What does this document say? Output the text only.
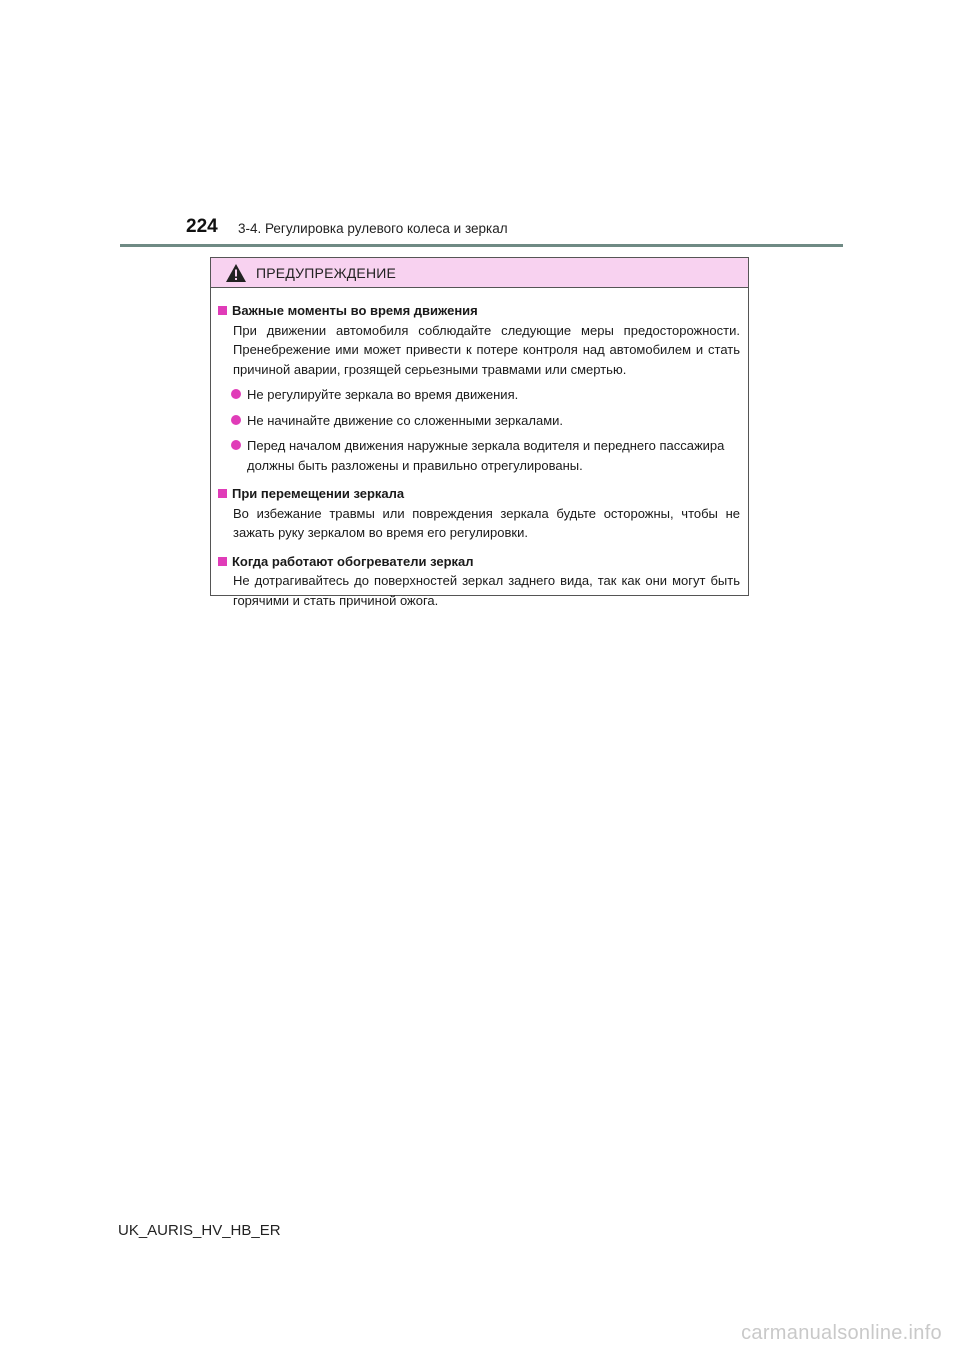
224 3-4. Регулировка рулевого колеса и зеркал
ПРЕДУПРЕЖДЕНИЕ
Важные моменты во время движения
При движении автомобиля соблюдайте следующие меры предосторожности. Пренебрежение ими может привести к потере контроля над автомобилем и стать причиной аварии, грозящей серьезными травмами или смертью.
Не регулируйте зеркала во время движения.
Не начинайте движение со сложенными зеркалами.
Перед началом движения наружные зеркала водителя и переднего пассажира должны быть разложены и правильно отрегулированы.
При перемещении зеркала
Во избежание травмы или повреждения зеркала будьте осторожны, чтобы не зажать руку зеркалом во время его регулировки.
Когда работают обогреватели зеркал
Не дотрагивайтесь до поверхностей зеркал заднего вида, так как они могут быть горячими и стать причиной ожога.
UK_AURIS_HV_HB_ER
carmanualsonline.info
